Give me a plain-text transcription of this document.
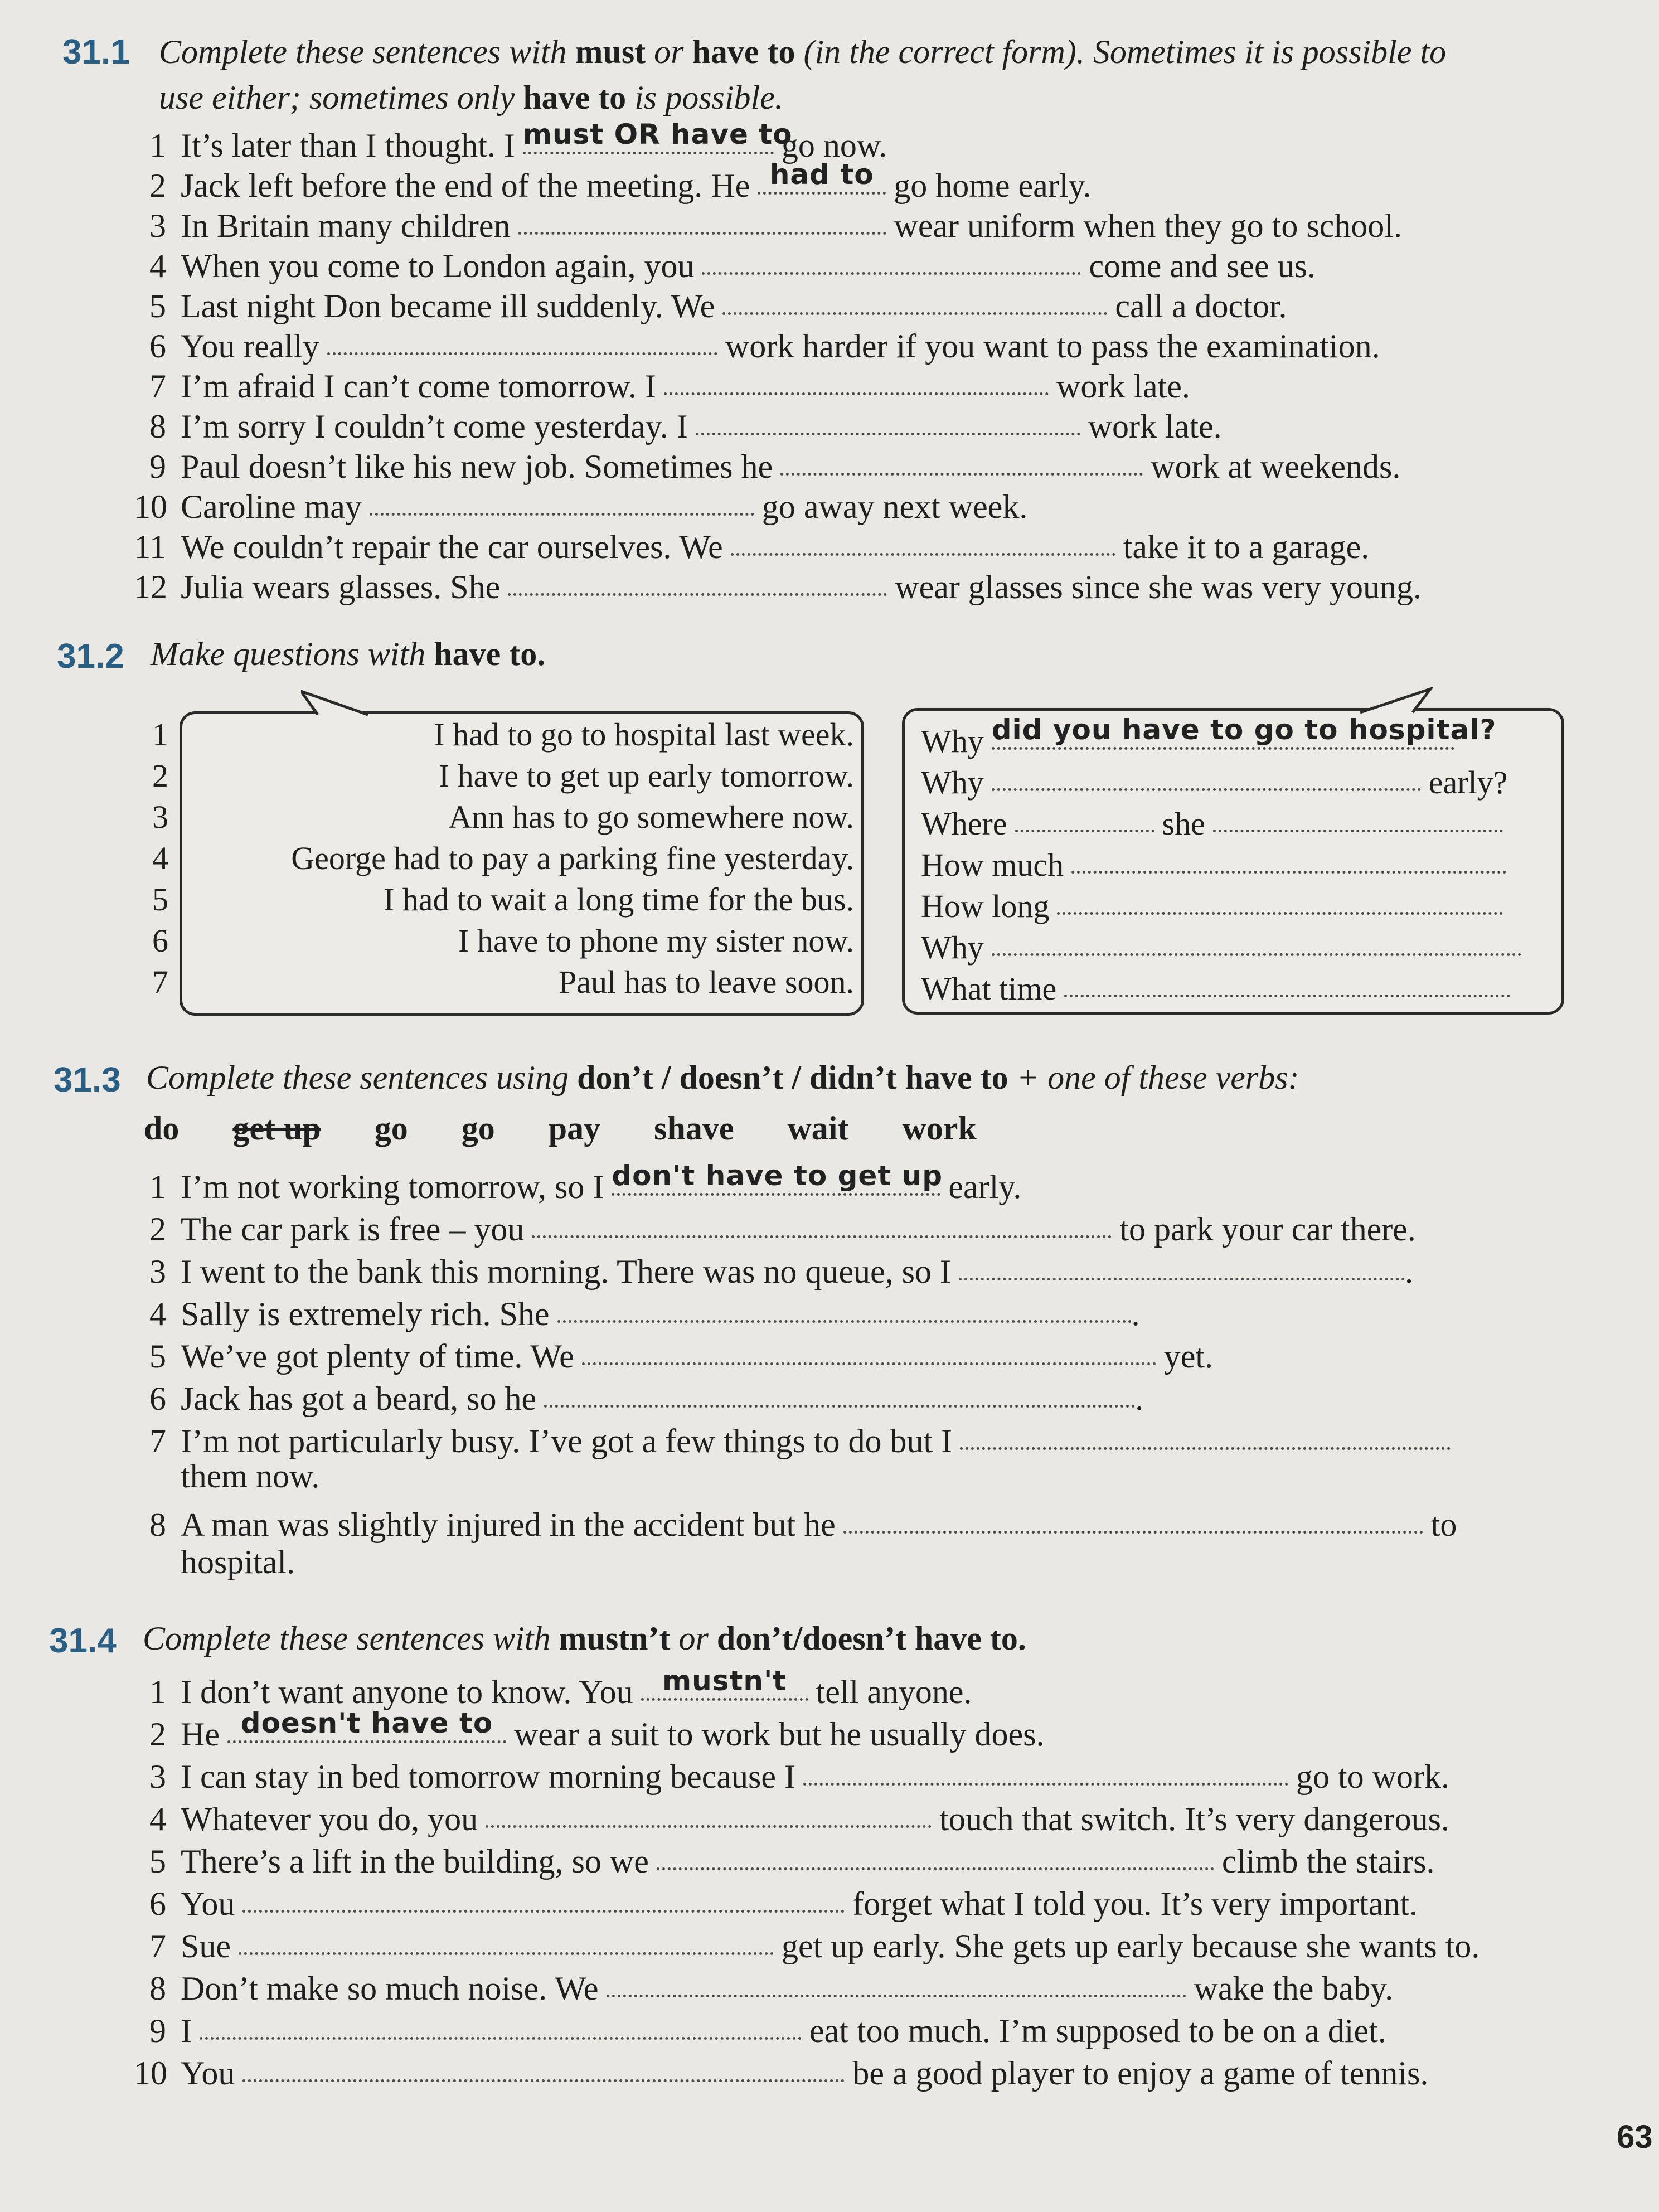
31.1 Complete these sentences with must or have to (in the correct form). Sometimes it is possible to
use either; sometimes only have to is possible.
1 It’s later than I thought. I must OR have to
go now.
2 Jack left before the end of the meeting. He had to go home early.
3 In Britain many children	wear uniform when they go to school.
4 When you come to London again, you	come and see us.
5 Last night Don became ill suddenly. We	call a doctor.
6 You really	work harder if you want to pass the examination.
7 I’m afraid I can’t come tomorrow. I	work late.
8 I’m sorry I couldn’t come yesterday. I	work late.
9 Paul doesn’t like his new job. Sometimes he	work at weekends.
10 Caroline may	go away next week.
11 We couldn’t repair the car ourselves. We	take it to a garage.
12 Julia wears glasses. She	wear glasses since she was very young.
31.2 Make questions with have to.
1	I had to go to hospital last week.
2	I have to get up early tomorrow.
3	Ann has to go somewhere now.
4	George had to pay a parking fine yesterday.
5	I had to wait a long time for the bus.
6	I have to phone my sister now.
7	Paul has to leave soon.
Why did you have to go to hospital?
Why	early?
Where	she
How much
How long
Why
What time
31.3 Complete these sentences using don’t / doesn’t / didn’t have to + one of these verbs:
do get up go go pay shave wait work
1 I’m not working tomorrow, so I don't have to get up early.
2 The car park is free – you	to park your car there.
3 I went to the bank this morning. There was no queue, so I	.
4 Sally is extremely rich. She	.
5 We’ve got plenty of time. We	yet.
6 Jack has got a beard, so he	.
7 I’m not particularly busy. I’ve got a few things to do but I
them now.
8 A man was slightly injured in the accident but he	to
hospital.
31.4 Complete these sentences with mustn’t or don’t/doesn’t have to.
1 I don’t want anyone to know. You	mustn't tell anyone.
2 He doesn't have to wear a suit to work but he usually does.
3 I can stay in bed tomorrow morning because I	go to work.
4 Whatever you do, you	touch that switch. It’s very dangerous.
5 There’s a lift in the building, so we	climb the stairs.
6 You	forget what I told you. It’s very important.
7 Sue	get up early. She gets up early because she wants to.
8 Don’t make so much noise. We	wake the baby.
9 I	eat too much. I’m supposed to be on a diet.
10 You	be a good player to enjoy a game of tennis.
63
